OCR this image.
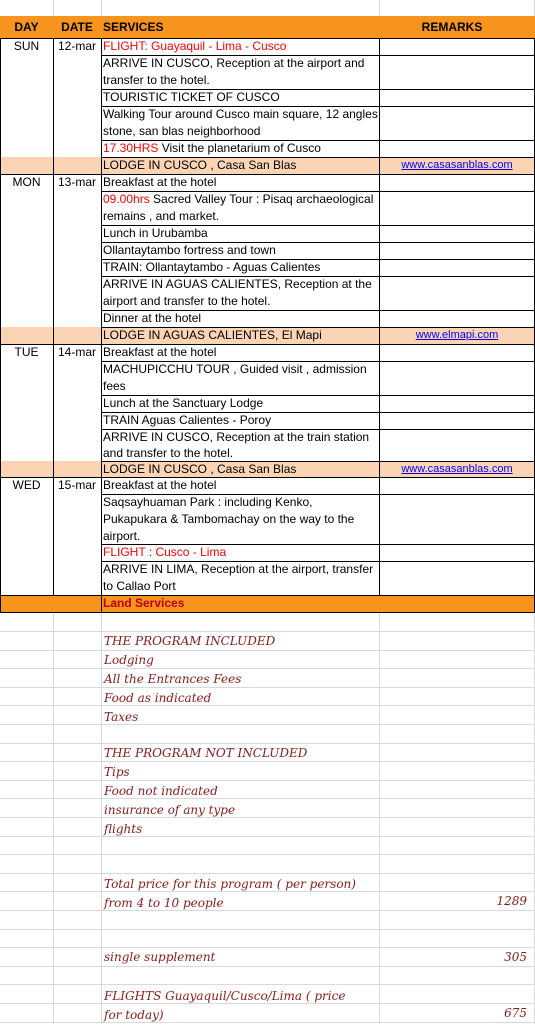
DAY	DATE SERVICES	REMARKS
SUN	12-mar FLIGHT: Guayaquil - Lima - Cusco
ARRIVE IN CUSCO, Reception at the airport and transfer to the hotel.
TOURISTIC TICKET OF CUSCO
Walking Tour around Cusco main square, 12 angles stone, san blas neighborhood
17.30HRS Visit the planetarium of Cusco
LODGE IN CUSCO , Casa San Blas	www.casasanblas.com
MON	13-mar Breakfast at the hotel
09.00hrs Sacred Valley Tour : Pisaq archaeological remains , and market.
Lunch in Urubamba
Ollantaytambo fortress and town
TRAIN: Ollantaytambo - Aguas Calientes
ARRIVE IN AGUAS CALIENTES, Reception at the airport and transfer to the hotel.
Dinner at the hotel
LODGE IN AGUAS CALIENTES, El Mapi	www.elmapi.com
TUE	14-mar Breakfast at the hotel
MACHUPICCHU TOUR , Guided visit , admission fees
Lunch at the Sanctuary Lodge
TRAIN Aguas Calientes - Poroy
ARRIVE IN CUSCO, Reception at the train station and transfer to the hotel.
LODGE IN CUSCO , Casa San Blas	www.casasanblas.com
WED	15-mar Breakfast at the hotel
Saqsayhuaman Park : including Kenko, Pukapukara & Tambomachay on the way to the airport.
FLIGHT : Cusco - Lima
ARRIVE IN LIMA, Reception at the airport, transfer to Callao Port
Land Services
THE PROGRAM INCLUDED
Lodging
All the Entrances Fees
Food as indicated
Taxes
THE PROGRAM NOT INCLUDED
Tips
Food not indicated
insurance of any type
flights
Total price for this program ( per person)
from 4 to 10 people	1289
single supplement	305
FLIGHTS Guayaquil/Cusco/Lima ( price
for today)	675
